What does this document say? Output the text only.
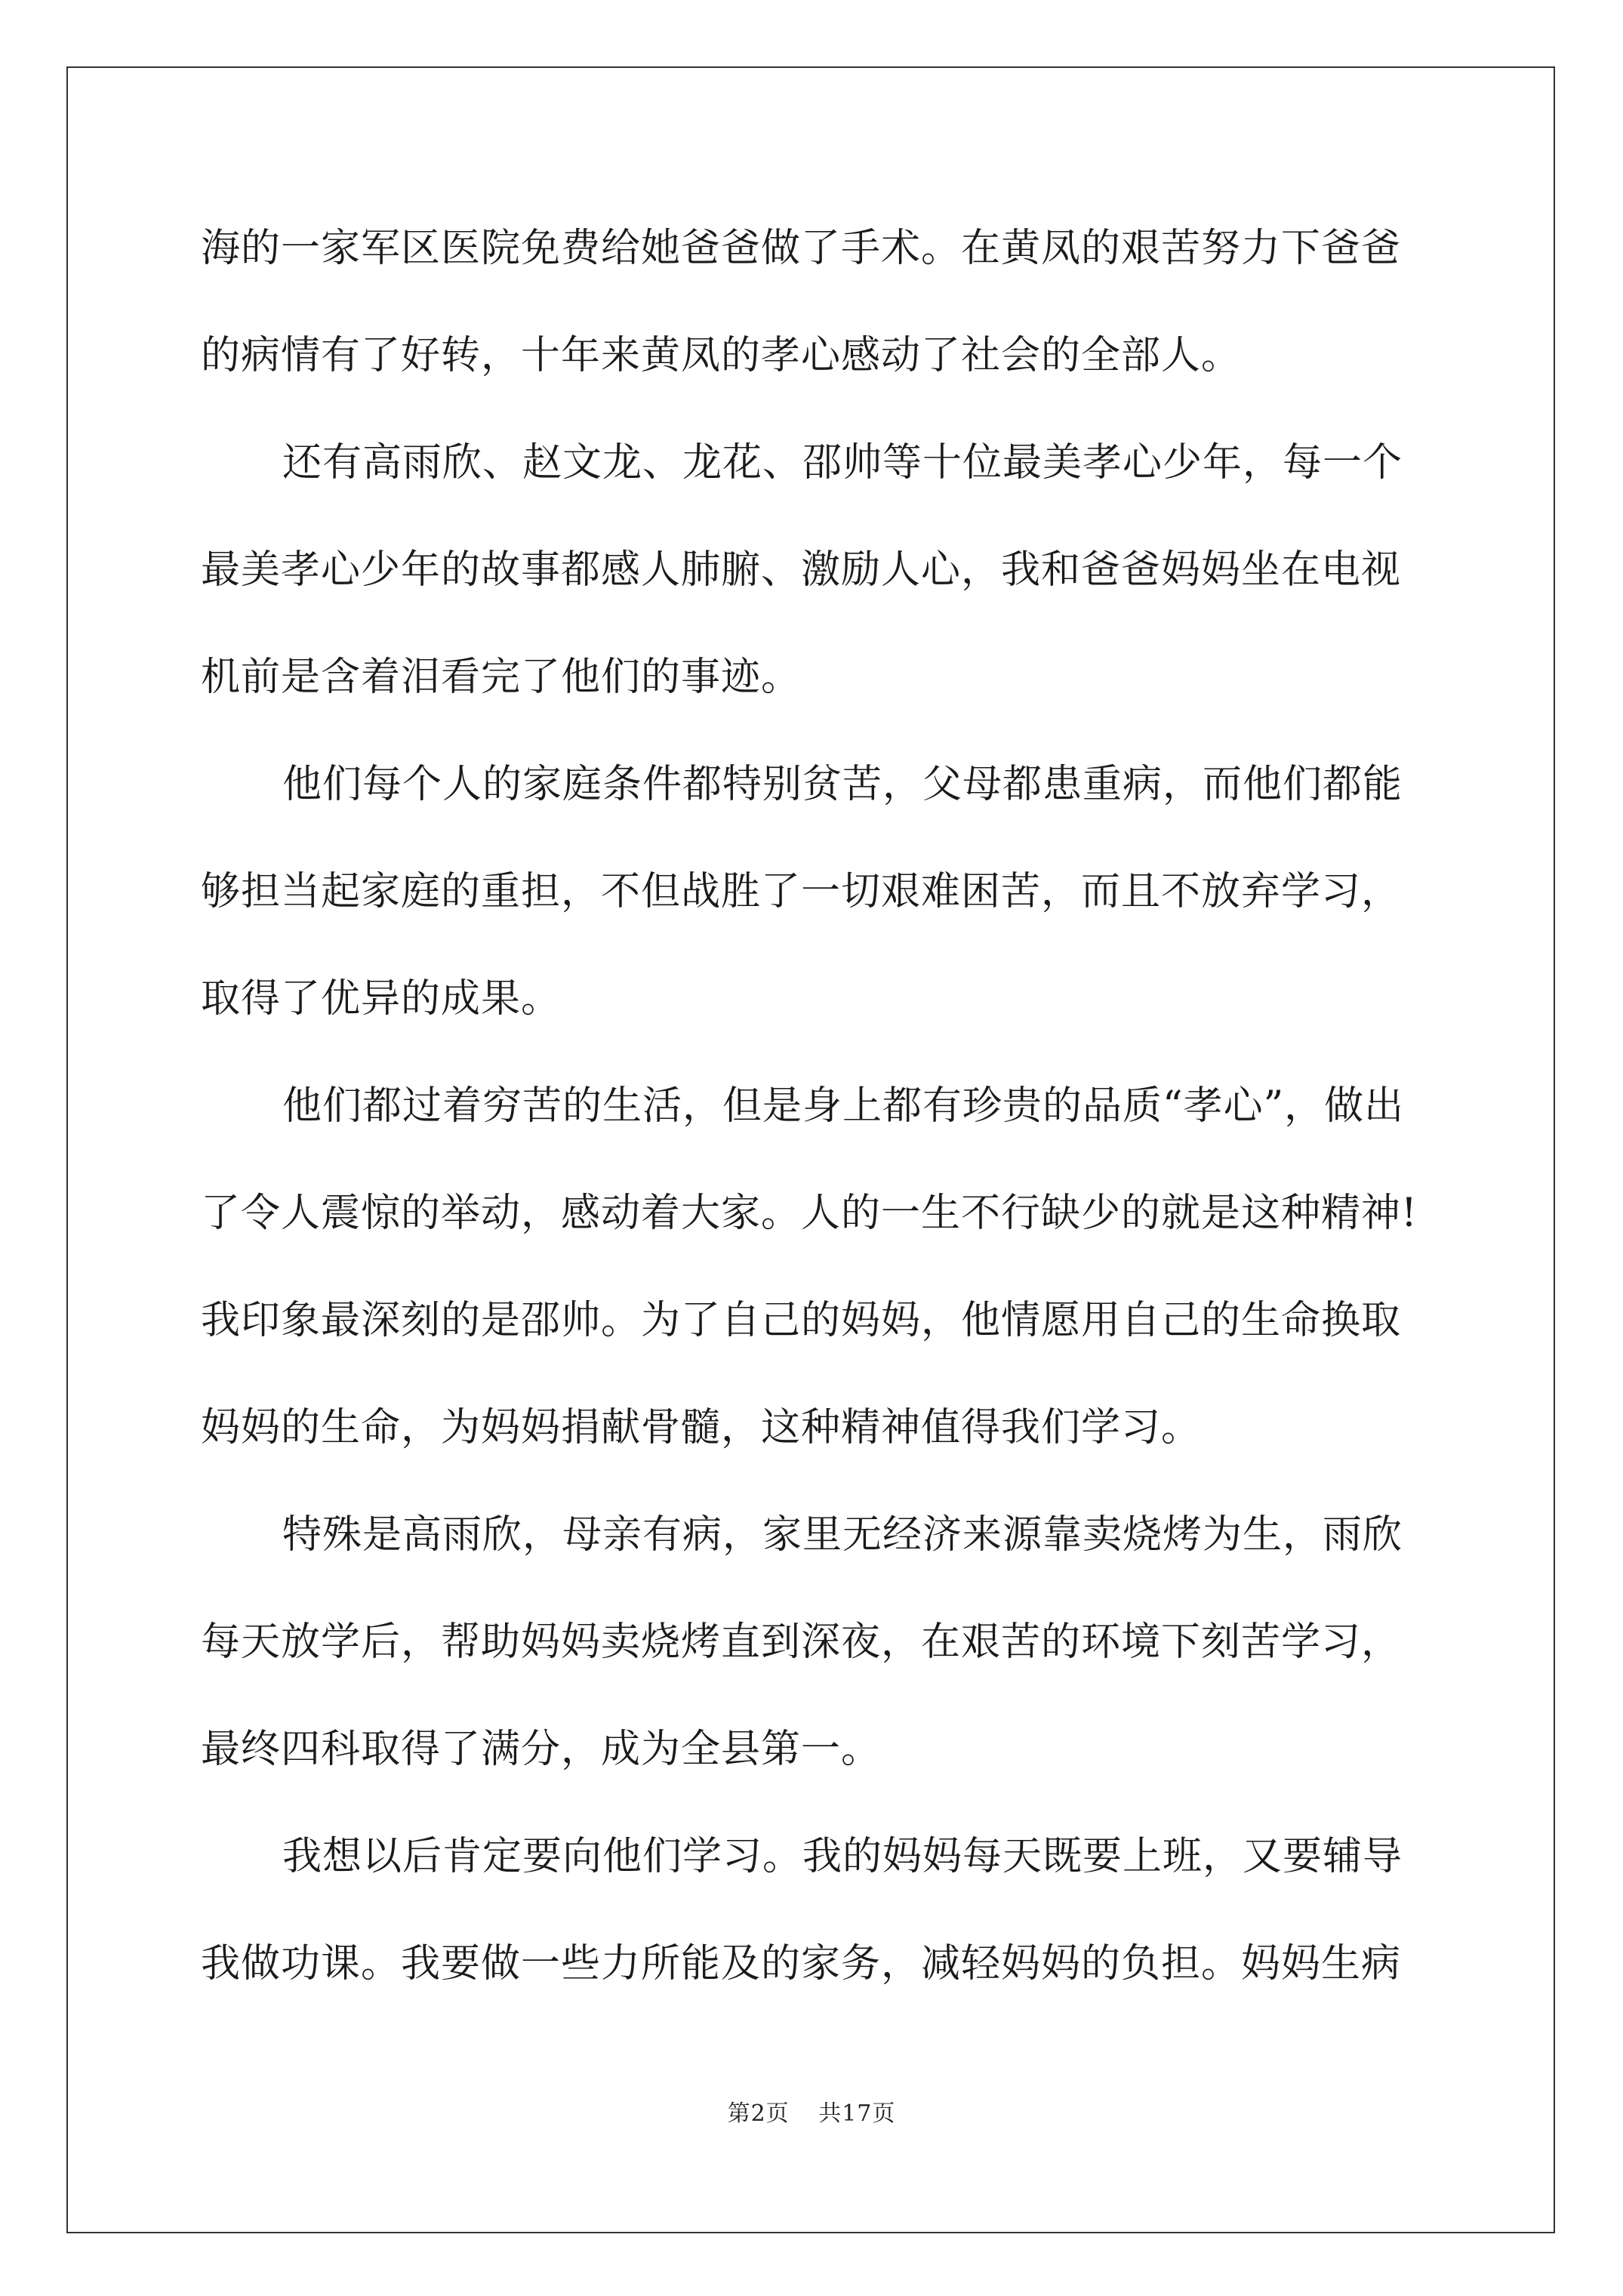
海的一家军区医院免费给她爸爸做了手术。在黄凤的艰苦努力下爸爸
的病情有了好转，十年来黄凤的孝心感动了社会的全部人。
还有高雨欣、赵文龙、龙花、邵帅等十位最美孝心少年，每一个
最美孝心少年的故事都感人肺腑、激励人心，我和爸爸妈妈坐在电视
机前是含着泪看完了他们的事迹。
他们每个人的家庭条件都特别贫苦，父母都患重病，而他们都能
够担当起家庭的重担，不但战胜了一切艰难困苦，而且不放弃学习，
取得了优异的成果。
他们都过着穷苦的生活，但是身上都有珍贵的品质“孝心”，做出
了令人震惊的举动，感动着大家。人的一生不行缺少的就是这种精神!
我印象最深刻的是邵帅。为了自己的妈妈，他情愿用自己的生命换取
妈妈的生命，为妈妈捐献骨髓，这种精神值得我们学习。
特殊是高雨欣，母亲有病，家里无经济来源靠卖烧烤为生，雨欣
每天放学后，帮助妈妈卖烧烤直到深夜，在艰苦的环境下刻苦学习，
最终四科取得了满分，成为全县第一。
我想以后肯定要向他们学习。我的妈妈每天既要上班，又要辅导
我做功课。我要做一些力所能及的家务，减轻妈妈的负担。妈妈生病
第2页 共17页
